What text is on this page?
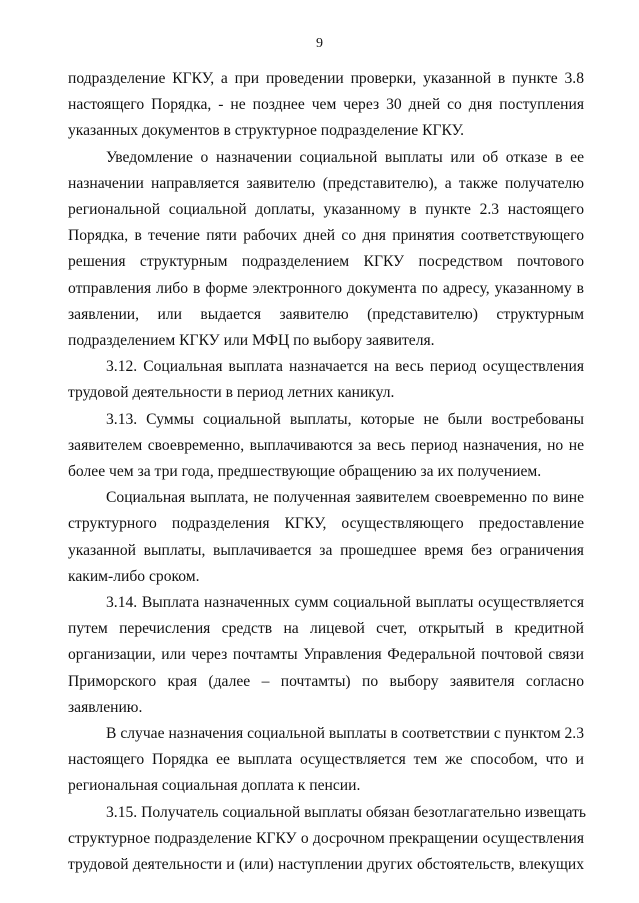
9
подразделение КГКУ, а при проведении проверки, указанной в пункте 3.8
настоящего Порядка, - не позднее чем через 30 дней со дня поступления
указанных документов в структурное подразделение КГКУ.
Уведомление о назначении социальной выплаты или об отказе в ее
назначении направляется заявителю (представителю), а также получателю
региональной социальной доплаты, указанному в пункте 2.3 настоящего
Порядка, в течение пяти рабочих дней со дня принятия соответствующего
решения структурным подразделением КГКУ посредством почтового
отправления либо в форме электронного документа по адресу, указанному в
заявлении, или выдается заявителю (представителю) структурным
подразделением КГКУ или МФЦ по выбору заявителя.
3.12. Социальная выплата назначается на весь период осуществления
трудовой деятельности в период летних каникул.
3.13. Суммы социальной выплаты, которые не были востребованы
заявителем своевременно, выплачиваются за весь период назначения, но не
более чем за три года, предшествующие обращению за их получением.
Социальная выплата, не полученная заявителем своевременно по вине
структурного подразделения КГКУ, осуществляющего предоставление
указанной выплаты, выплачивается за прошедшее время без ограничения
каким-либо сроком.
3.14. Выплата назначенных сумм социальной выплаты осуществляется
путем перечисления средств на лицевой счет, открытый в кредитной
организации, или через почтамты Управления Федеральной почтовой связи
Приморского края (далее – почтамты) по выбору заявителя согласно
заявлению.
В случае назначения социальной выплаты в соответствии с пунктом 2.3
настоящего Порядка ее выплата осуществляется тем же способом, что и
региональная социальная доплата к пенсии.
3.15. Получатель социальной выплаты обязан безотлагательно извещать
структурное подразделение КГКУ о досрочном прекращении осуществления
трудовой деятельности и (или) наступлении других обстоятельств, влекущих
